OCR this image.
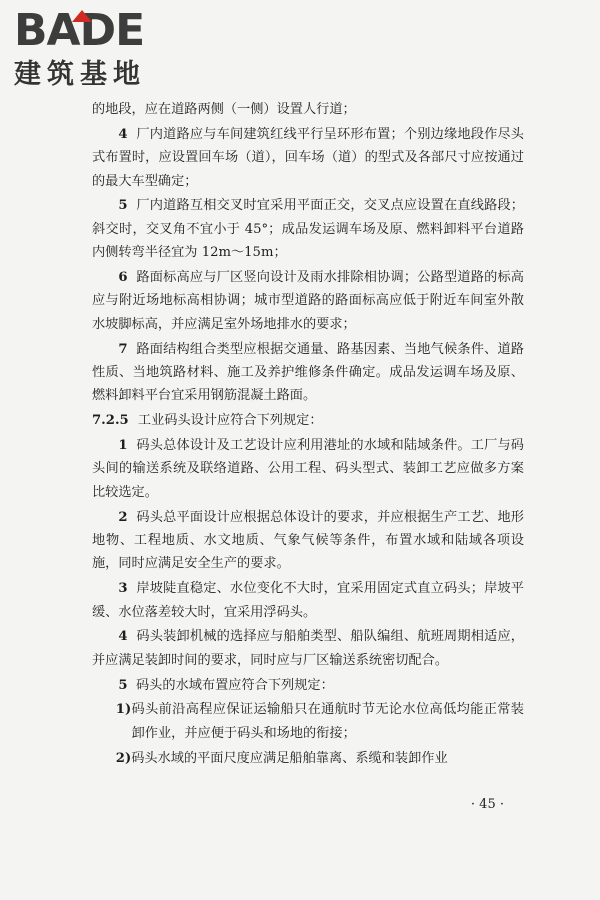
BADE
建筑基地

的地段，应在道路两侧（一侧）设置人行道；

4 厂内道路应与车间建筑红线平行呈环形布置；个别边缘地段作尽头式布置时，应设置回车场（道），回车场（道）的型式及各部尺寸应按通过的最大车型确定；

5 厂内道路互相交叉时宜采用平面正交，交叉点应设置在直线路段；斜交时，交叉角不宜小于 45°；成品发运调车场及原、燃料卸料平台道路内侧转弯半径宜为 12m～15m；

6 路面标高应与厂区竖向设计及雨水排除相协调；公路型道路的标高应与附近场地标高相协调；城市型道路的路面标高应低于附近车间室外散水坡脚标高，并应满足室外场地排水的要求；

7 路面结构组合类型应根据交通量、路基因素、当地气候条件、道路性质、当地筑路材料、施工及养护维修条件确定。成品发运调车场及原、燃料卸料平台宜采用钢筋混凝土路面。

7.2.5 工业码头设计应符合下列规定：

1 码头总体设计及工艺设计应利用港址的水域和陆域条件。工厂与码头间的输送系统及联络道路、公用工程、码头型式、装卸工艺应做多方案比较选定。

2 码头总平面设计应根据总体设计的要求，并应根据生产工艺、地形地物、工程地质、水文地质、气象气候等条件，布置水域和陆域各项设施，同时应满足安全生产的要求。

3 岸坡陡直稳定、水位变化不大时，宜采用固定式直立码头；岸坡平缓、水位落差较大时，宜采用浮码头。

4 码头装卸机械的选择应与船舶类型、船队编组、航班周期相适应，并应满足装卸时间的要求，同时应与厂区输送系统密切配合。

5 码头的水域布置应符合下列规定：

1)码头前沿高程应保证运输船只在通航时节无论水位高低均能正常装卸作业，并应便于码头和场地的衔接；

2)码头水域的平面尺度应满足船舶靠离、系缆和装卸作业

· 45 ·
